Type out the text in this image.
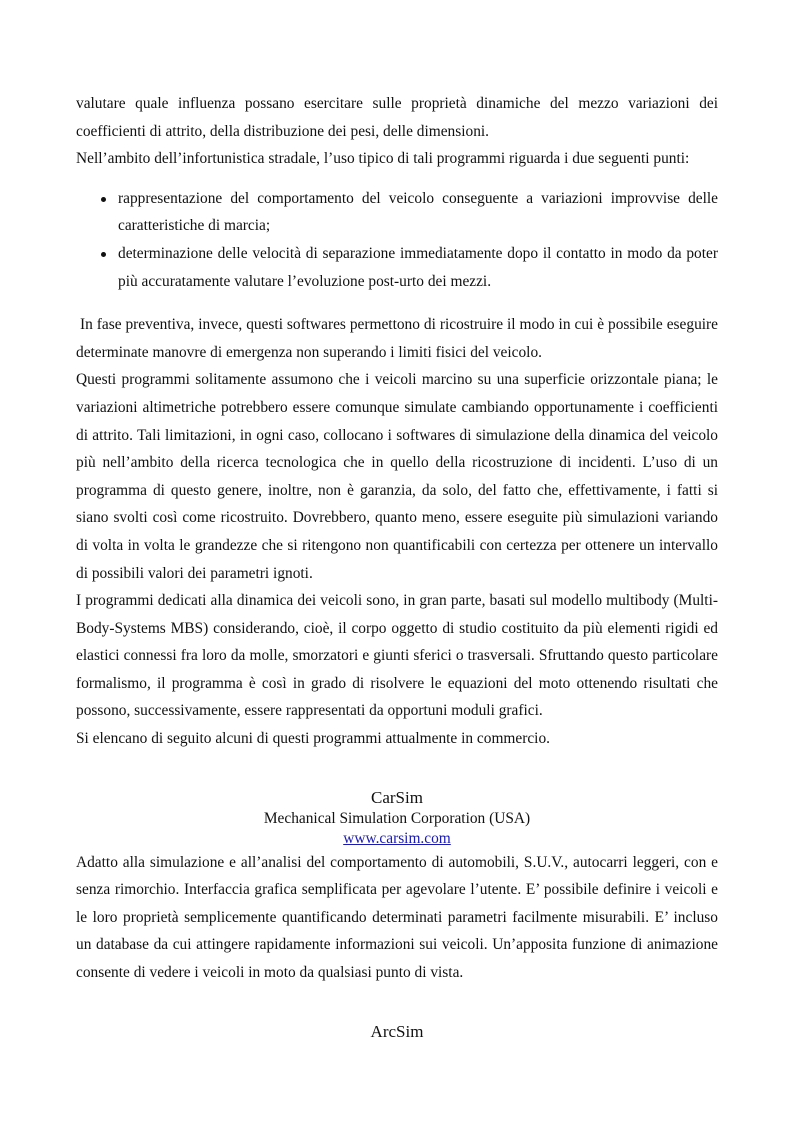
valutare quale influenza possano esercitare sulle proprietà dinamiche del mezzo variazioni dei coefficienti di attrito, della distribuzione dei pesi, delle dimensioni.

Nell’ambito dell’infortunistica stradale, l’uso tipico di tali programmi riguarda i due seguenti punti:

rappresentazione del comportamento del veicolo conseguente a variazioni improvvise delle caratteristiche di marcia;
determinazione delle velocità di separazione immediatamente dopo il contatto in modo da poter più accuratamente valutare l’evoluzione post-urto dei mezzi.

In fase preventiva, invece, questi softwares permettono di ricostruire il modo in cui è possibile eseguire determinate manovre di emergenza non superando i limiti fisici del veicolo.

Questi programmi solitamente assumono che i veicoli marcino su una superficie orizzontale piana; le variazioni altimetriche potrebbero essere comunque simulate cambiando opportunamente i coefficienti di attrito. Tali limitazioni, in ogni caso, collocano i softwares di simulazione della dinamica del veicolo più nell’ambito della ricerca tecnologica che in quello della ricostruzione di incidenti. L’uso di un programma di questo genere, inoltre, non è garanzia, da solo, del fatto che, effettivamente, i fatti si siano svolti così come ricostruito. Dovrebbero, quanto meno, essere eseguite più simulazioni variando di volta in volta le grandezze che si ritengono non quantificabili con certezza per ottenere un intervallo di possibili valori dei parametri ignoti.

I programmi dedicati alla dinamica dei veicoli sono, in gran parte, basati sul modello multibody (Multi-Body-Systems MBS) considerando, cioè, il corpo oggetto di studio costituito da più elementi rigidi ed elastici connessi fra loro da molle, smorzatori e giunti sferici o trasversali. Sfruttando questo particolare formalismo, il programma è così in grado di risolvere le equazioni del moto ottenendo risultati che possono, successivamente, essere rappresentati da opportuni moduli grafici.

Si elencano di seguito alcuni di questi programmi attualmente in commercio.

CarSim
Mechanical Simulation Corporation (USA)
www.carsim.com

Adatto alla simulazione e all’analisi del comportamento di automobili, S.U.V., autocarri leggeri, con e senza rimorchio. Interfaccia grafica semplificata per agevolare l’utente. E’ possibile definire i veicoli e le loro proprietà semplicemente quantificando determinati parametri facilmente misurabili. E’ incluso un database da cui attingere rapidamente informazioni sui veicoli. Un’apposita funzione di animazione consente di vedere i veicoli in moto da qualsiasi punto di vista.

ArcSim
